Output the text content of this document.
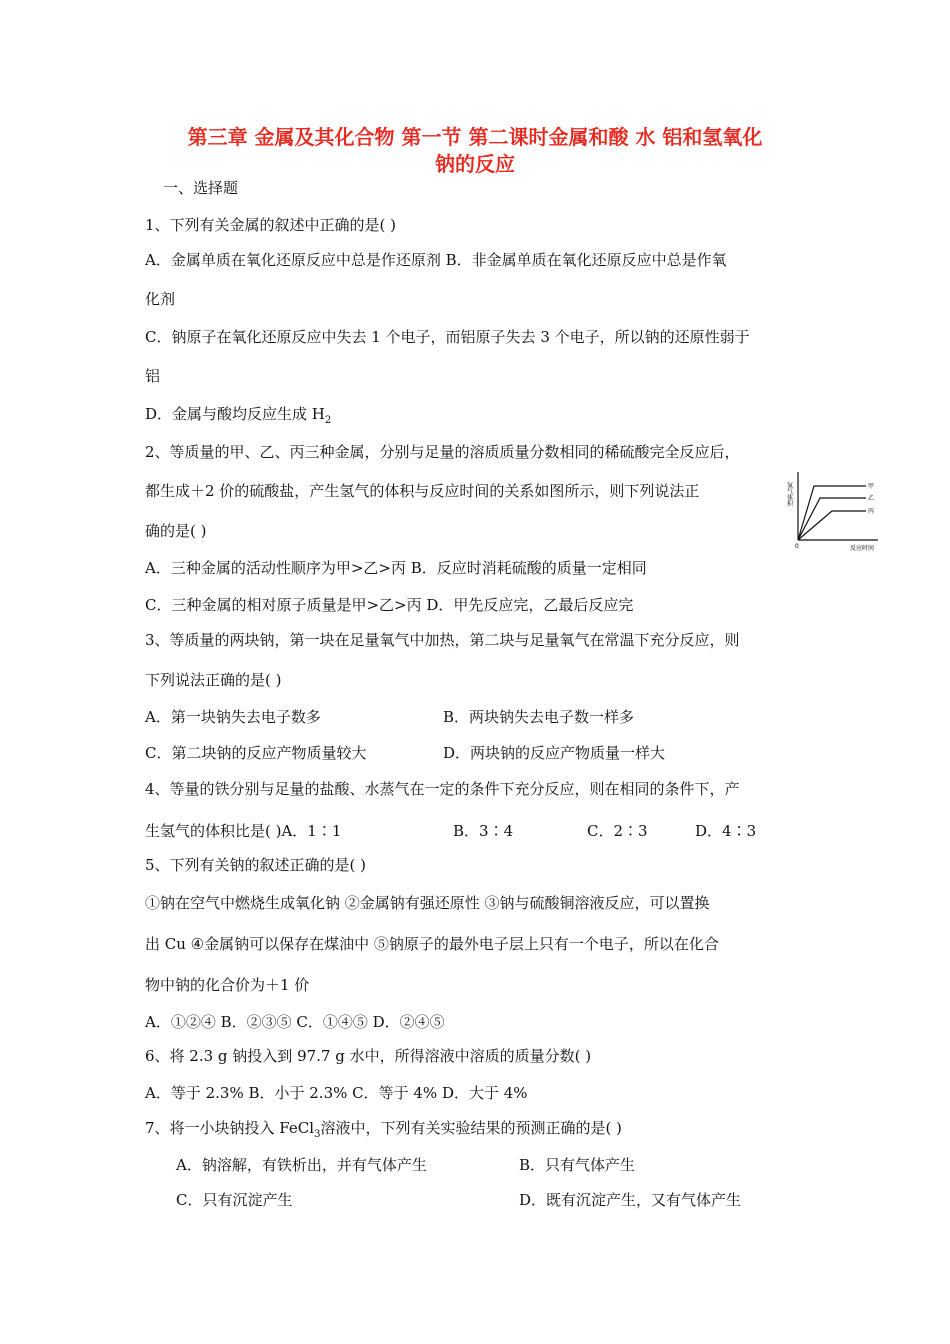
第三章 金属及其化合物 第一节 第二课时金属和酸 水 铝和氢氧化
钠的反应
一、选择题
1、下列有关金属的叙述中正确的是( )
A．金属单质在氧化还原反应中总是作还原剂 B．非金属单质在氧化还原反应中总是作氧
化剂
C．钠原子在氧化还原反应中失去 1 个电子，而铝原子失去 3 个电子，所以钠的还原性弱于
铝
D．金属与酸均反应生成 $H_2$
2、等质量的甲、乙、丙三种金属，分别与足量的溶质质量分数相同的稀硫酸完全反应后，
都生成＋2 价的硫酸盐，产生氢气的体积与反应时间的关系如图所示，则下列说法正
确的是( )
氢气体积
0	反应时间
甲
乙
丙
A．三种金属的活动性顺序为甲>乙>丙 B．反应时消耗硫酸的质量一定相同
C．三种金属的相对原子质量是甲>乙>丙 D．甲先反应完，乙最后反应完
3、等质量的两块钠，第一块在足量氧气中加热，第二块与足量氧气在常温下充分反应，则
下列说法正确的是( )
A．第一块钠失去电子数多	B．两块钠失去电子数一样多
C．第二块钠的反应产物质量较大	D．两块钠的反应产物质量一样大
4、等量的铁分别与足量的盐酸、水蒸气在一定的条件下充分反应，则在相同的条件下，产
生氢气的体积比是( )A．1∶1	B．3∶4	C．2∶3	D．4∶3
5、下列有关钠的叙述正确的是( )
①钠在空气中燃烧生成氧化钠 ②金属钠有强还原性 ③钠与硫酸铜溶液反应，可以置换
出 Cu ④金属钠可以保存在煤油中 ⑤钠原子的最外电子层上只有一个电子，所以在化合
物中钠的化合价为＋1 价
A．①②④ B．②③⑤ C．①④⑤ D．②④⑤
6、将 2.3 g 钠投入到 97.7 g 水中，所得溶液中溶质的质量分数( )
A．等于 2.3% B．小于 2.3% C．等于 4% D．大于 4%
7、将一小块钠投入 FeCl$_3$溶液中，下列有关实验结果的预测正确的是( )
A．钠溶解，有铁析出，并有气体产生	B．只有气体产生
C．只有沉淀产生	D．既有沉淀产生，又有气体产生
